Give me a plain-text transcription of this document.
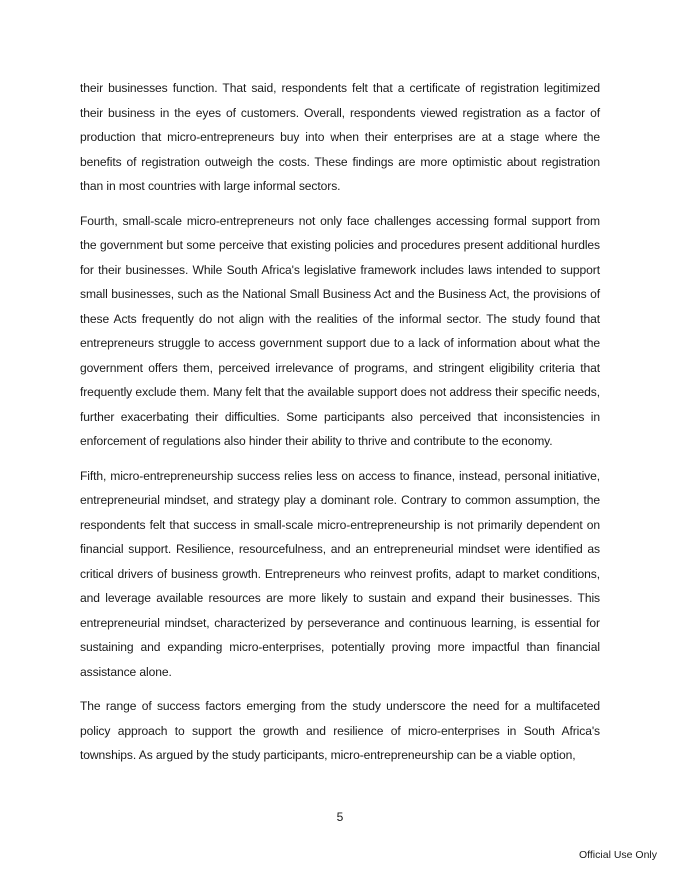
their businesses function. That said, respondents felt that a certificate of registration legitimized their business in the eyes of customers. Overall, respondents viewed registration as a factor of production that micro-entrepreneurs buy into when their enterprises are at a stage where the benefits of registration outweigh the costs. These findings are more optimistic about registration than in most countries with large informal sectors.

Fourth, small-scale micro-entrepreneurs not only face challenges accessing formal support from the government but some perceive that existing policies and procedures present additional hurdles for their businesses. While South Africa's legislative framework includes laws intended to support small businesses, such as the National Small Business Act and the Business Act, the provisions of these Acts frequently do not align with the realities of the informal sector. The study found that entrepreneurs struggle to access government support due to a lack of information about what the government offers them, perceived irrelevance of programs, and stringent eligibility criteria that frequently exclude them. Many felt that the available support does not address their specific needs, further exacerbating their difficulties. Some participants also perceived that inconsistencies in enforcement of regulations also hinder their ability to thrive and contribute to the economy.

Fifth, micro-entrepreneurship success relies less on access to finance, instead, personal initiative, entrepreneurial mindset, and strategy play a dominant role. Contrary to common assumption, the respondents felt that success in small-scale micro-entrepreneurship is not primarily dependent on financial support. Resilience, resourcefulness, and an entrepreneurial mindset were identified as critical drivers of business growth. Entrepreneurs who reinvest profits, adapt to market conditions, and leverage available resources are more likely to sustain and expand their businesses. This entrepreneurial mindset, characterized by perseverance and continuous learning, is essential for sustaining and expanding micro-enterprises, potentially proving more impactful than financial assistance alone.

The range of success factors emerging from the study underscore the need for a multifaceted policy approach to support the growth and resilience of micro-enterprises in South Africa's townships. As argued by the study participants, micro-entrepreneurship can be a viable option,

5
Official Use Only
